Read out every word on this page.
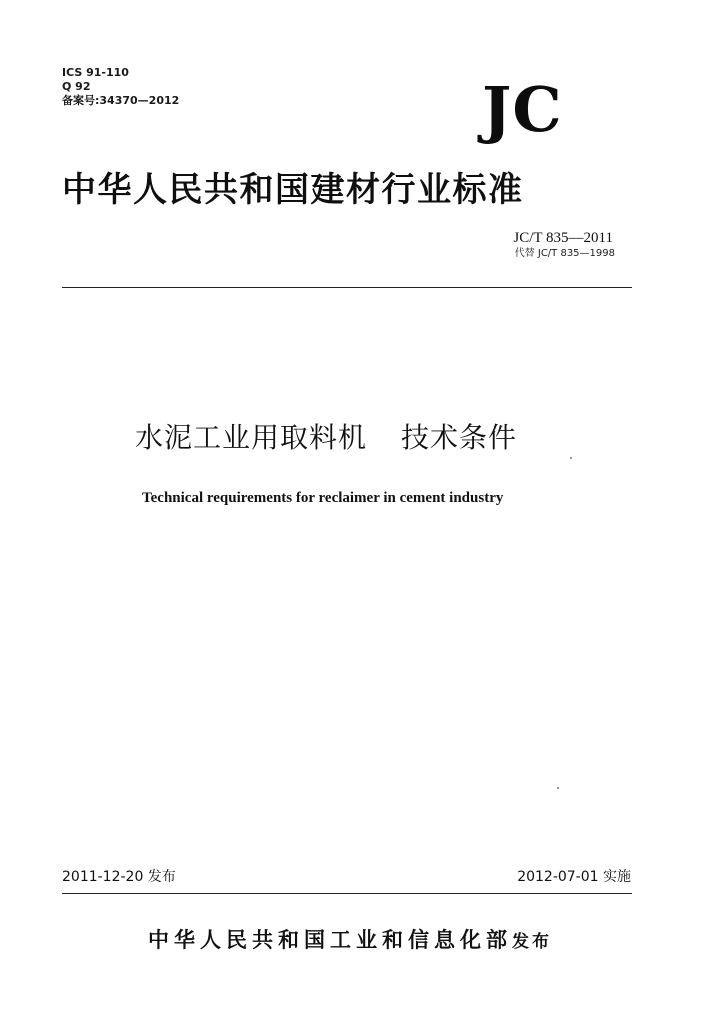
ICS 91-110
Q 92
备案号:34370—2012	JC
中华人民共和国建材行业标准
JC/T 835—2011
代替 JC/T 835—1998
水泥工业用取料机 技术条件
Technical requirements for reclaimer in cement industry
2011-12-20 发布	2012-07-01 实施
中华人民共和国工业和信息化部 发布
